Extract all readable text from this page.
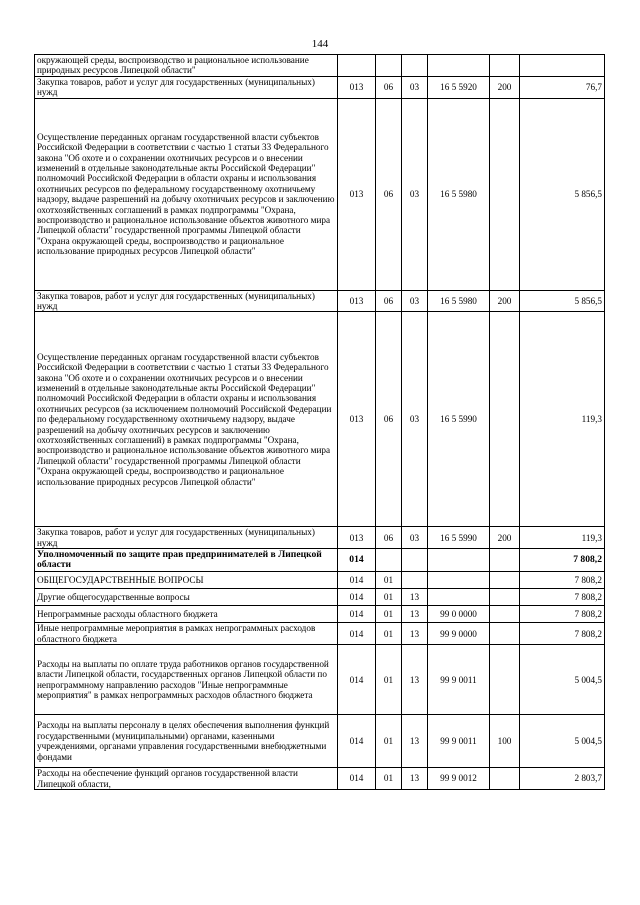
144
окружающей среды, воспроизводство и рациональное использование природных ресурсов Липецкой области"						
Закупка товаров, работ и услуг для государственных (муниципальных) нужд	013	06	03	16 5 5920	200	76,7
Осуществление переданных органам государственной власти субъектов Российской Федерации в соответствии с частью 1 статьи 33 Федерального закона "Об охоте и о сохранении охотничьих ресурсов и о внесении изменений в отдельные законодательные акты Российской Федерации" полномочий Российской Федерации в области охраны и использования охотничьих ресурсов по федеральному государственному охотничьему надзору, выдаче разрешений на добычу охотничьих ресурсов и заключению охотхозяйственных соглашений в рамках подпрограммы "Охрана, воспроизводство и рациональное использование объектов животного мира Липецкой области" государственной программы Липецкой области "Охрана окружающей среды, воспроизводство и рациональное использование природных ресурсов Липецкой области"	013	06	03	16 5 5980		5 856,5
Закупка товаров, работ и услуг для государственных (муниципальных) нужд	013	06	03	16 5 5980	200	5 856,5
Осуществление переданных органам государственной власти субъектов Российской Федерации в соответствии с частью 1 статьи 33 Федерального закона "Об охоте и о сохранении охотничьих ресурсов и о внесении изменений в отдельные законодательные акты Российской Федерации" полномочий Российской Федерации в области охраны и использования охотничьих ресурсов (за исключением полномочий Российской Федерации по федеральному государственному охотничьему надзору, выдаче разрешений на добычу охотничьих ресурсов и заключению охотхозяйственных соглашений) в рамках подпрограммы "Охрана, воспроизводство и рациональное использование объектов животного мира Липецкой области" государственной программы Липецкой области "Охрана окружающей среды, воспроизводство и рациональное использование природных ресурсов Липецкой области"	013	06	03	16 5 5990		119,3
Закупка товаров, работ и услуг для государственных (муниципальных) нужд	013	06	03	16 5 5990	200	119,3
Уполномоченный по защите прав предпринимателей в Липецкой области	014					7 808,2
ОБЩЕГОСУДАРСТВЕННЫЕ ВОПРОСЫ	014	01				7 808,2
Другие общегосударственные вопросы	014	01	13			7 808,2
Непрограммные расходы областного бюджета	014	01	13	99 0 0000		7 808,2
Иные непрограммные мероприятия в рамках непрограммных расходов областного бюджета	014	01	13	99 9 0000		7 808,2
Расходы на выплаты по оплате труда работников органов государственной власти Липецкой области, государственных органов Липецкой области по непрограммному направлению расходов "Иные непрограммные мероприятия" в рамках непрограммных расходов областного бюджета	014	01	13	99 9 0011		5 004,5
Расходы на выплаты персоналу в целях обеспечения выполнения функций государственными (муниципальными) органами, казенными учреждениями, органами управления государственными внебюджетными фондами	014	01	13	99 9 0011	100	5 004,5
Расходы на обеспечение функций органов государственной власти Липецкой области,	014	01	13	99 9 0012		2 803,7
